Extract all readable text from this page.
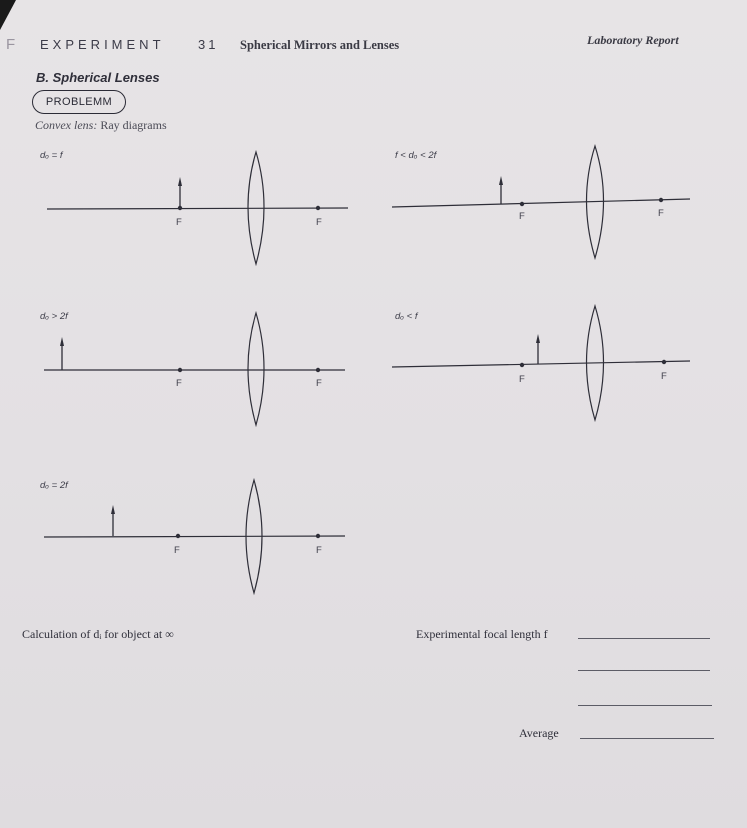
F EXPERIMENT	31 Spherical Mirrors and Lenses	Laboratory Report
B. Spherical Lenses
PROBLEMM
Convex lens: Ray diagrams
dₒ = f
F	F
f < dₒ < 2f
F	F
dₒ > 2f
F	F
dₒ < f
F	F
dₒ = 2f
F	F
Calculation of dᵢ for object at ∞	Experimental focal length f
Average
